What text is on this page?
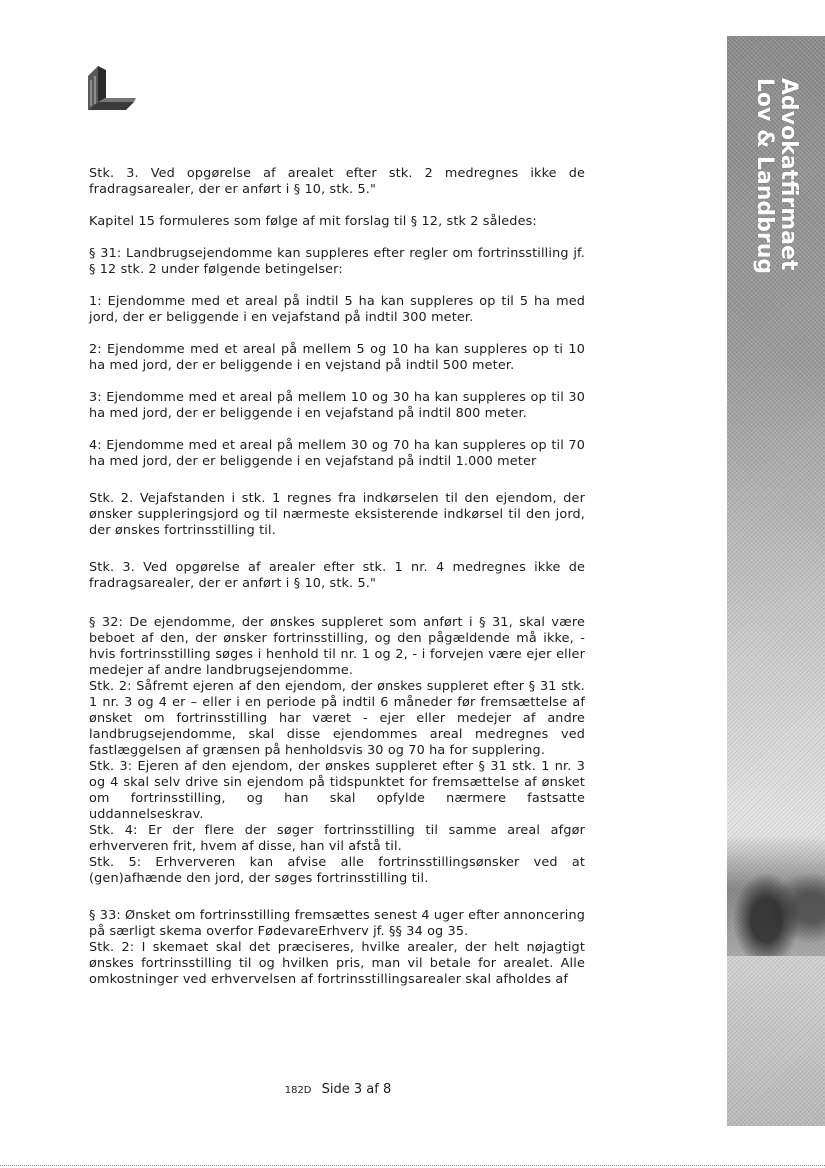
Advokatfirmaet
Lov & Landbrug

Stk. 3. Ved opgørelse af arealet efter stk. 2 medregnes ikke de fradragsarealer, der er anført i § 10, stk. 5."

Kapitel 15 formuleres som følge af mit forslag til § 12, stk 2 således:

§ 31: Landbrugsejendomme kan suppleres efter regler om fortrinsstilling jf. § 12 stk. 2 under følgende betingelser:

1: Ejendomme med et areal på indtil 5 ha kan suppleres op til 5 ha med jord, der er beliggende i en vejafstand på indtil 300 meter.

2: Ejendomme med et areal på mellem 5 og 10 ha kan suppleres op ti 10 ha med jord, der er beliggende i en vejstand på indtil 500 meter.

3: Ejendomme med et areal på mellem 10 og 30 ha kan suppleres op til 30 ha med jord, der er beliggende i en vejafstand på indtil 800 meter.

4: Ejendomme med et areal på mellem 30 og 70 ha kan suppleres op til 70 ha med jord, der er beliggende i en vejafstand på indtil 1.000 meter

Stk. 2. Vejafstanden i stk. 1 regnes fra indkørselen til den ejendom, der ønsker suppleringsjord og til nærmeste eksisterende indkørsel til den jord, der ønskes fortrinsstilling til.

Stk. 3. Ved opgørelse af arealer efter stk. 1 nr. 4 medregnes ikke de fradragsarealer, der er anført i § 10, stk. 5."

§ 32: De ejendomme, der ønskes suppleret som anført i § 31, skal være beboet af den, der ønsker fortrinsstilling, og den pågældende må ikke, - hvis fortrinsstilling søges i henhold til nr. 1 og 2, - i forvejen være ejer eller medejer af andre landbrugsejendomme.

Stk. 2: Såfremt ejeren af den ejendom, der ønskes suppleret efter § 31 stk. 1 nr. 3 og 4 er – eller i en periode på indtil 6 måneder før fremsættelse af ønsket om fortrinsstilling har været - ejer eller medejer af andre landbrugsejendomme, skal disse ejendommes areal medregnes ved fastlæggelsen af grænsen på henholdsvis 30 og 70 ha for supplering.

Stk. 3: Ejeren af den ejendom, der ønskes suppleret efter § 31 stk. 1 nr. 3 og 4 skal selv drive sin ejendom på tidspunktet for fremsættelse af ønsket om fortrinsstilling, og han skal opfylde nærmere fastsatte uddannelseskrav.

Stk. 4: Er der flere der søger fortrinsstilling til samme areal afgør erhververen frit, hvem af disse, han vil afstå til.

Stk. 5: Erhververen kan afvise alle fortrinsstillingsønsker ved at (gen)afhænde den jord, der søges fortrinsstilling til.

§ 33: Ønsket om fortrinsstilling fremsættes senest 4 uger efter annoncering på særligt skema overfor FødevareErhverv jf. §§ 34 og 35.

Stk. 2: I skemaet skal det præciseres, hvilke arealer, der helt nøjagtigt ønskes fortrinsstilling til og hvilken pris, man vil betale for arealet. Alle omkostninger ved erhvervelsen af fortrinsstillingsarealer skal afholdes af

182D Side 3 af 8
